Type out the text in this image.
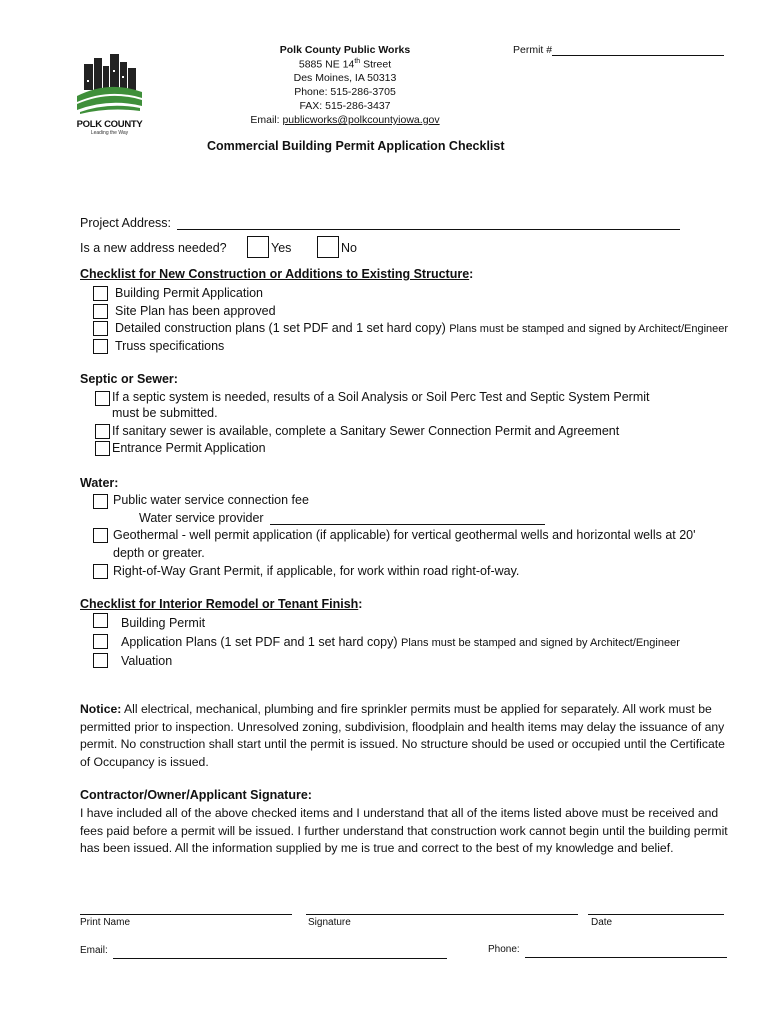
POLK COUNTY
Leading the Way
Polk County Public Works
5885 NE 14th Street
Des Moines, IA 50313
Phone: 515-286-3705
FAX: 515-286-3437
Email: publicworks@polkcountyiowa.gov
Permit #
Commercial Building Permit Application Checklist
Project Address:
Is a new address needed?	Yes	No
Checklist for New Construction or Additions to Existing Structure:
Building Permit Application
Site Plan has been approved
Detailed construction plans (1 set PDF and 1 set hard copy) Plans must be stamped and signed by Architect/Engineer
Truss specifications
Septic or Sewer:
If a septic system is needed, results of a Soil Analysis or Soil Perc Test and Septic System Permit
must be submitted.
If sanitary sewer is available, complete a Sanitary Sewer Connection Permit and Agreement
Entrance Permit Application
Water:
Public water service connection fee
Water service provider
Geothermal - well permit application (if applicable) for vertical geothermal wells and horizontal wells at 20'
depth or greater.
Right-of-Way Grant Permit, if applicable, for work within road right-of-way.
Checklist for Interior Remodel or Tenant Finish:
Building Permit
Application Plans (1 set PDF and 1 set hard copy) Plans must be stamped and signed by Architect/Engineer
Valuation
Notice: All electrical, mechanical, plumbing and fire sprinkler permits must be applied for separately. All work must be permitted prior to inspection. Unresolved zoning, subdivision, floodplain and health items may delay the issuance of any permit. No construction shall start until the permit is issued. No structure should be used or occupied until the Certificate of Occupancy is issued.
Contractor/Owner/Applicant Signature:
I have included all of the above checked items and I understand that all of the items listed above must be received and fees paid before a permit will be issued. I further understand that construction work cannot begin until the building permit has been issued. All the information supplied by me is true and correct to the best of my knowledge and belief.
Print Name	Signature	Date
Email:	Phone:
